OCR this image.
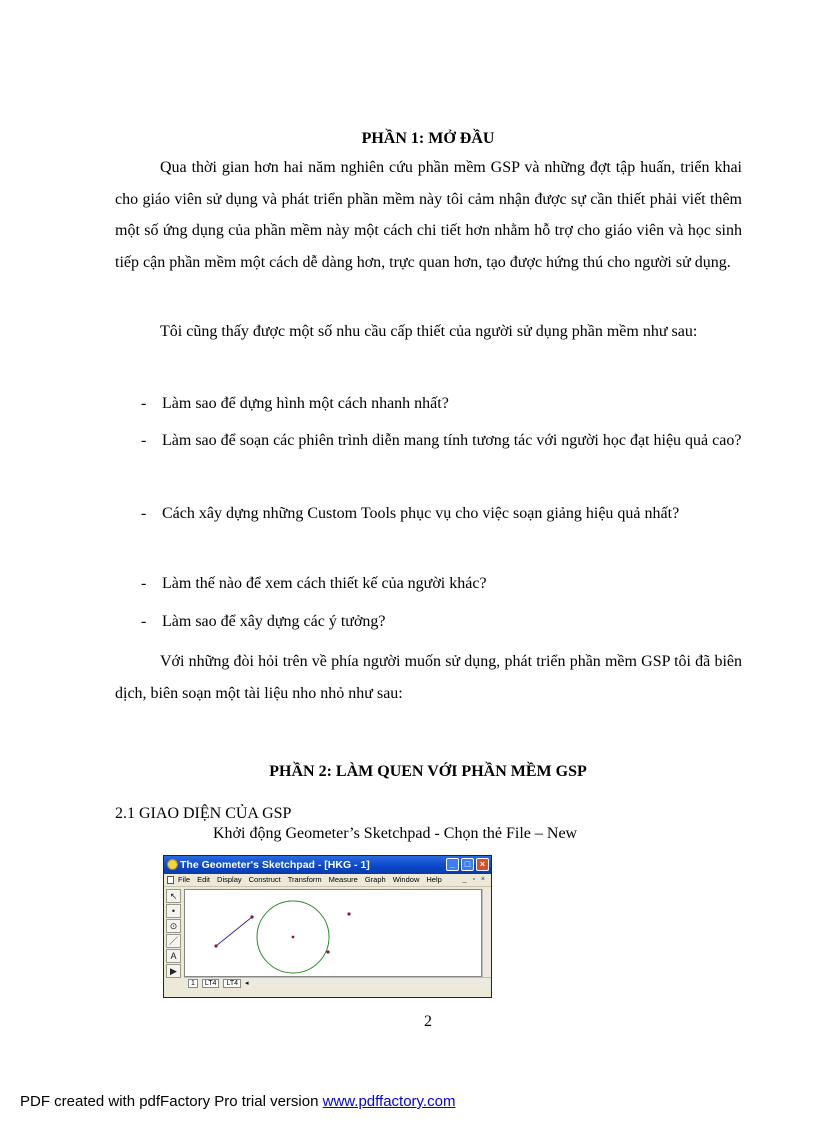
PHẦN 1: MỞ ĐẦU

Qua thời gian hơn hai năm nghiên cứu phần mềm GSP và những đợt tập huấn, triển khai cho giáo viên sử dụng và phát triển phần mềm này tôi cảm nhận được sự cần thiết phải viết thêm một số ứng dụng của phần mềm này một cách chi tiết hơn nhằm hỗ trợ cho giáo viên và học sinh tiếp cận phần mềm một cách dễ dàng hơn, trực quan hơn, tạo được hứng thú cho người sử dụng.

Tôi cũng thấy được một số nhu cầu cấp thiết của người sử dụng phần mềm như sau:

- Làm sao để dựng hình một cách nhanh nhất?
- Làm sao để soạn các phiên trình diễn mang tính tương tác với người học đạt hiệu quả cao?
- Cách xây dựng những Custom Tools phục vụ cho việc soạn giảng hiệu quả nhất?
- Làm thế nào để xem cách thiết kế của người khác?
- Làm sao để xây dựng các ý tưởng?

Với những đòi hỏi trên về phía người muốn sử dụng, phát triển phần mềm GSP tôi đã biên dịch, biên soạn một tài liệu nho nhỏ như sau:

PHẦN 2: LÀM QUEN VỚI PHẦN MỀM GSP
2.1 GIAO DIỆN CỦA GSP
Khởi động Geometer’s Sketchpad - Chọn thẻ File – New
The Geometer's Sketchpad - [HKG - 1]	_	□	×
File Edit Display Construct Transform Measure Graph Window Help	_ ▫ ×
↖
•
⊙
／
A
▶
1	LT4	LT4	◂
2
PDF created with pdfFactory Pro trial version www.pdffactory.com
